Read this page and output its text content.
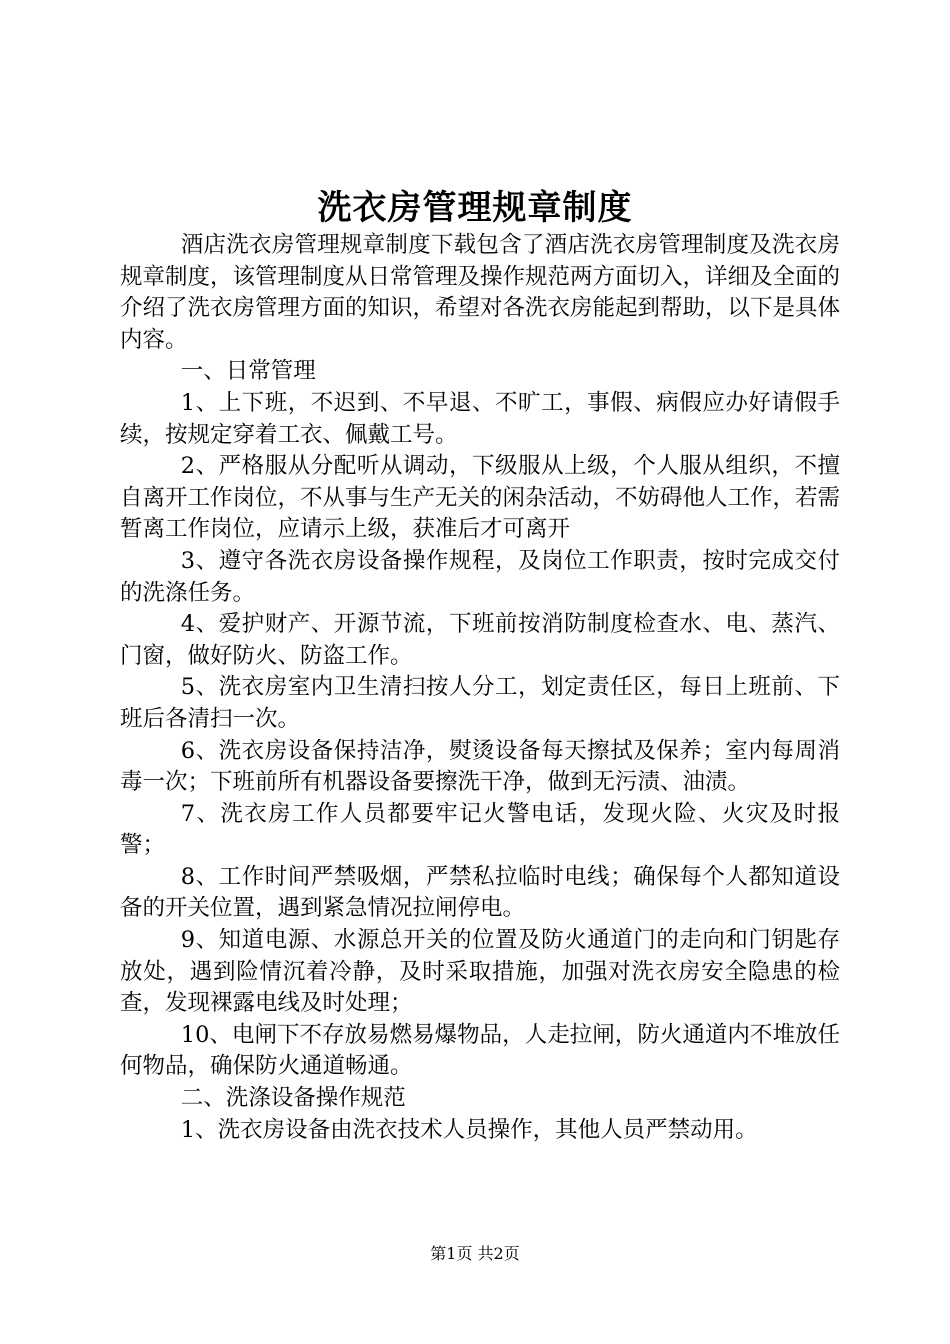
洗衣房管理规章制度

酒店洗衣房管理规章制度下载包含了酒店洗衣房管理制度及洗衣房规章制度，该管理制度从日常管理及操作规范两方面切入，详细及全面的介绍了洗衣房管理方面的知识，希望对各洗衣房能起到帮助，以下是具体内容。

一、日常管理

1、上下班，不迟到、不早退、不旷工，事假、病假应办好请假手续，按规定穿着工衣、佩戴工号。

2、严格服从分配听从调动，下级服从上级，个人服从组织，不擅自离开工作岗位，不从事与生产无关的闲杂活动，不妨碍他人工作，若需暂离工作岗位，应请示上级，获准后才可离开

3、遵守各洗衣房设备操作规程，及岗位工作职责，按时完成交付的洗涤任务。

4、爱护财产、开源节流，下班前按消防制度检查水、电、蒸汽、门窗，做好防火、防盗工作。

5、洗衣房室内卫生清扫按人分工，划定责任区，每日上班前、下班后各清扫一次。

6、洗衣房设备保持洁净，熨烫设备每天擦拭及保养；室内每周消毒一次；下班前所有机器设备要擦洗干净，做到无污渍、油渍。

7、洗衣房工作人员都要牢记火警电话，发现火险、火灾及时报警；

8、工作时间严禁吸烟，严禁私拉临时电线；确保每个人都知道设备的开关位置，遇到紧急情况拉闸停电。

9、知道电源、水源总开关的位置及防火通道门的走向和门钥匙存放处，遇到险情沉着冷静，及时采取措施，加强对洗衣房安全隐患的检查，发现裸露电线及时处理；

10、电闸下不存放易燃易爆物品，人走拉闸，防火通道内不堆放任何物品，确保防火通道畅通。

二、洗涤设备操作规范

1、洗衣房设备由洗衣技术人员操作，其他人员严禁动用。

第1页 共2页
